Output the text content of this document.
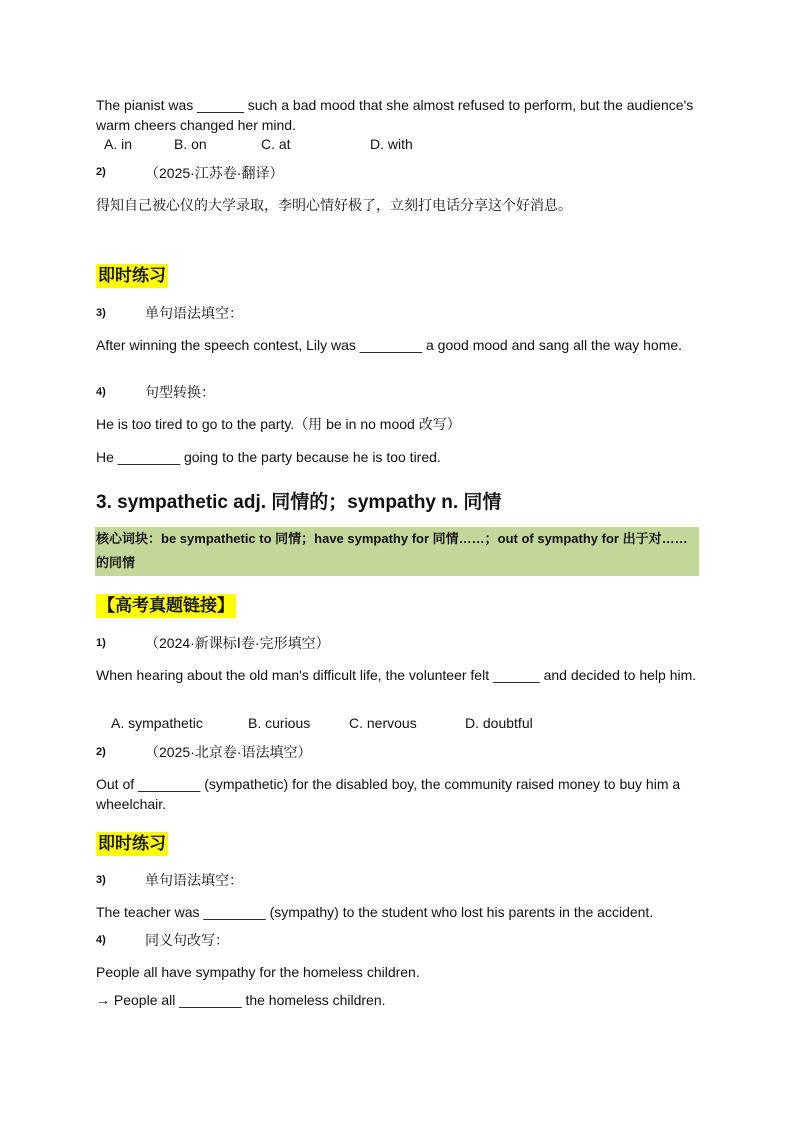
The pianist was ______ such a bad mood that she almost refused to perform, but the audience's warm cheers changed her mind.
A. in	B. on	C. at	D. with
2)	（2025·江苏卷·翻译）
得知自己被心仪的大学录取，李明心情好极了，立刻打电话分享这个好消息。
即时练习
3)	单句语法填空：
After winning the speech contest, Lily was ________ a good mood and sang all the way home.
4)	句型转换：
He is too tired to go to the party.（用 be in no mood 改写）
He ________ going to the party because he is too tired.
3. sympathetic adj. 同情的；sympathy n. 同情
核心词块：be sympathetic to 同情；have sympathy for 同情……；out of sympathy for 出于对……的同情
【高考真题链接】
1)	（2024·新课标Ⅰ卷·完形填空）
When hearing about the old man's difficult life, the volunteer felt ______ and decided to help him.
A. sympathetic	B. curious	C. nervous	D. doubtful
2)	（2025·北京卷·语法填空）
Out of ________ (sympathetic) for the disabled boy, the community raised money to buy him a wheelchair.
即时练习
3)	单句语法填空：
The teacher was ________ (sympathy) to the student who lost his parents in the accident.
4)	同义句改写：
People all have sympathy for the homeless children.
→ People all ________ the homeless children.
